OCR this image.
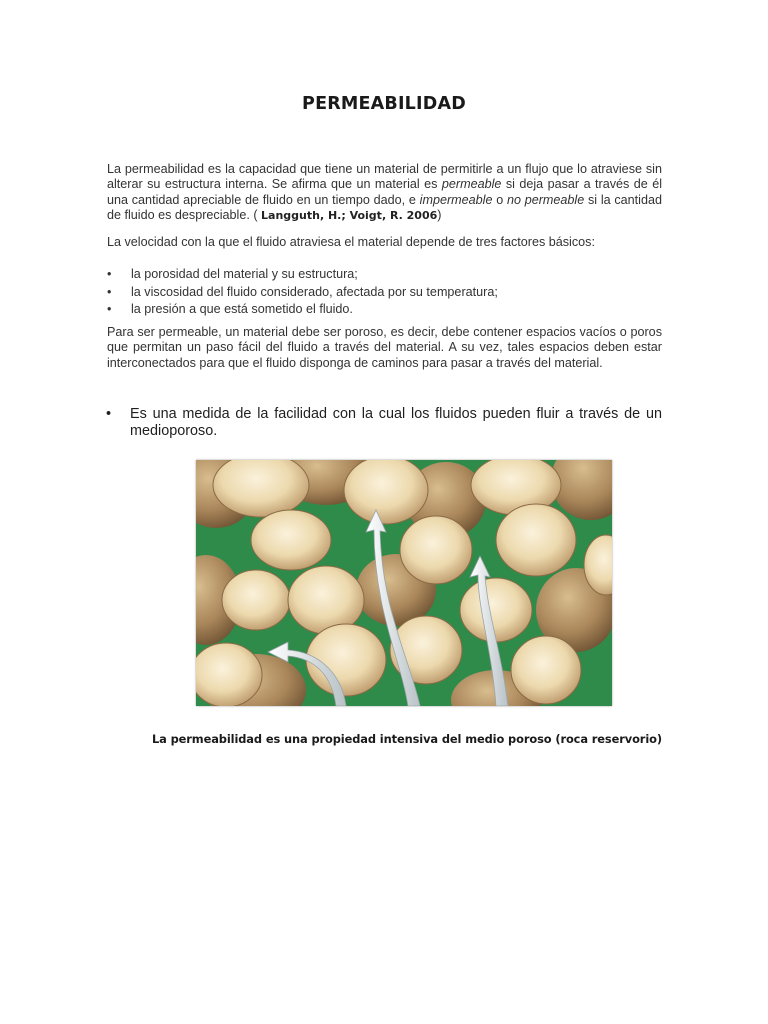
PERMEABILIDAD
La permeabilidad es la capacidad que tiene un material de permitirle a un flujo que lo atraviese sin alterar su estructura interna. Se afirma que un material es permeable si deja pasar a través de él una cantidad apreciable de fluido en un tiempo dado, e impermeable o no permeable si la cantidad de fluido es despreciable. ( Langguth, H.; Voigt, R. 2006)
La velocidad con la que el fluido atraviesa el material depende de tres factores básicos:
• la porosidad del material y su estructura;
• la viscosidad del fluido considerado, afectada por su temperatura;
• la presión a que está sometido el fluido.
Para ser permeable, un material debe ser poroso, es decir, debe contener espacios vacíos o poros que permitan un paso fácil del fluido a través del material. A su vez, tales espacios deben estar interconectados para que el fluido disponga de caminos para pasar a través del material.
• Es una medida de la facilidad con la cual los fluidos pueden fluir a través de un medioporoso.
La permeabilidad es una propiedad intensiva del medio poroso (roca reservorio)
